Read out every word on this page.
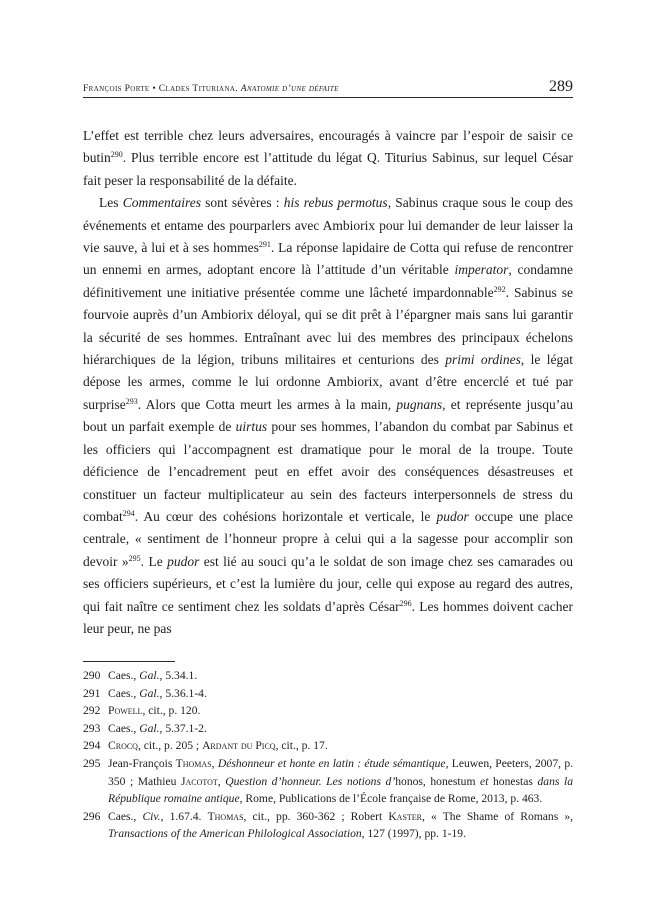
François Porte • Clades Tituriana. Anatomie d’une défaite	289

L’effet est terrible chez leurs adversaires, encouragés à vaincre par l’espoir de saisir ce butin$^{290}$. Plus terrible encore est l’attitude du légat Q. Titurius Sabinus, sur lequel César fait peser la responsabilité de la défaite.

Les Commentaires sont sévères : his rebus permotus, Sabinus craque sous le coup des événements et entame des pourparlers avec Ambiorix pour lui demander de leur laisser la vie sauve, à lui et à ses hommes$^{291}$. La réponse lapidaire de Cotta qui refuse de rencontrer un ennemi en armes, adoptant encore là l’attitude d’un véritable imperator, condamne définitivement une initiative présentée comme une lâcheté impardonnable$^{292}$. Sabinus se fourvoie auprès d’un Ambiorix déloyal, qui se dit prêt à l’épargner mais sans lui garantir la sécurité de ses hommes. Entraînant avec lui des membres des principaux échelons hiérarchiques de la légion, tribuns militaires et centurions des primi ordines, le légat dépose les armes, comme le lui ordonne Ambiorix, avant d’être encerclé et tué par surprise$^{293}$. Alors que Cotta meurt les armes à la main, pugnans, et représente jusqu’au bout un parfait exemple de uirtus pour ses hommes, l’abandon du combat par Sabinus et les officiers qui l’accompagnent est dramatique pour le moral de la troupe. Toute déficience de l’encadrement peut en effet avoir des conséquences désastreuses et constituer un facteur multiplicateur au sein des facteurs interpersonnels de stress du combat$^{294}$. Au cœur des cohésions horizontale et verticale, le pudor occupe une place centrale, « sentiment de l’honneur propre à celui qui a la sagesse pour accomplir son devoir »$^{295}$. Le pudor est lié au souci qu’a le soldat de son image chez ses camarades ou ses officiers supérieurs, et c’est la lumière du jour, celle qui expose au regard des autres, qui fait naître ce sentiment chez les soldats d’après César$^{296}$. Les hommes doivent cacher leur peur, ne pas

290 Caes., Gal., 5.34.1.
291 Caes., Gal., 5.36.1-4.
292 Powell, cit., p. 120.
293 Caes., Gal., 5.37.1-2.
294 Crocq, cit., p. 205 ; Ardant du Picq, cit., p. 17.
295 Jean-François Thomas, Déshonneur et honte en latin : étude sémantique, Leuwen, Peeters, 2007, p. 350 ; Mathieu Jacotot, Question d’honneur. Les notions d’honos, honestum et honestas dans la République romaine antique, Rome, Publications de l’École française de Rome, 2013, p. 463.
296 Caes., Civ., 1.67.4. Thomas, cit., pp. 360-362 ; Robert Kaster, « The Shame of Romans », Transactions of the American Philological Association, 127 (1997), pp. 1-19.
